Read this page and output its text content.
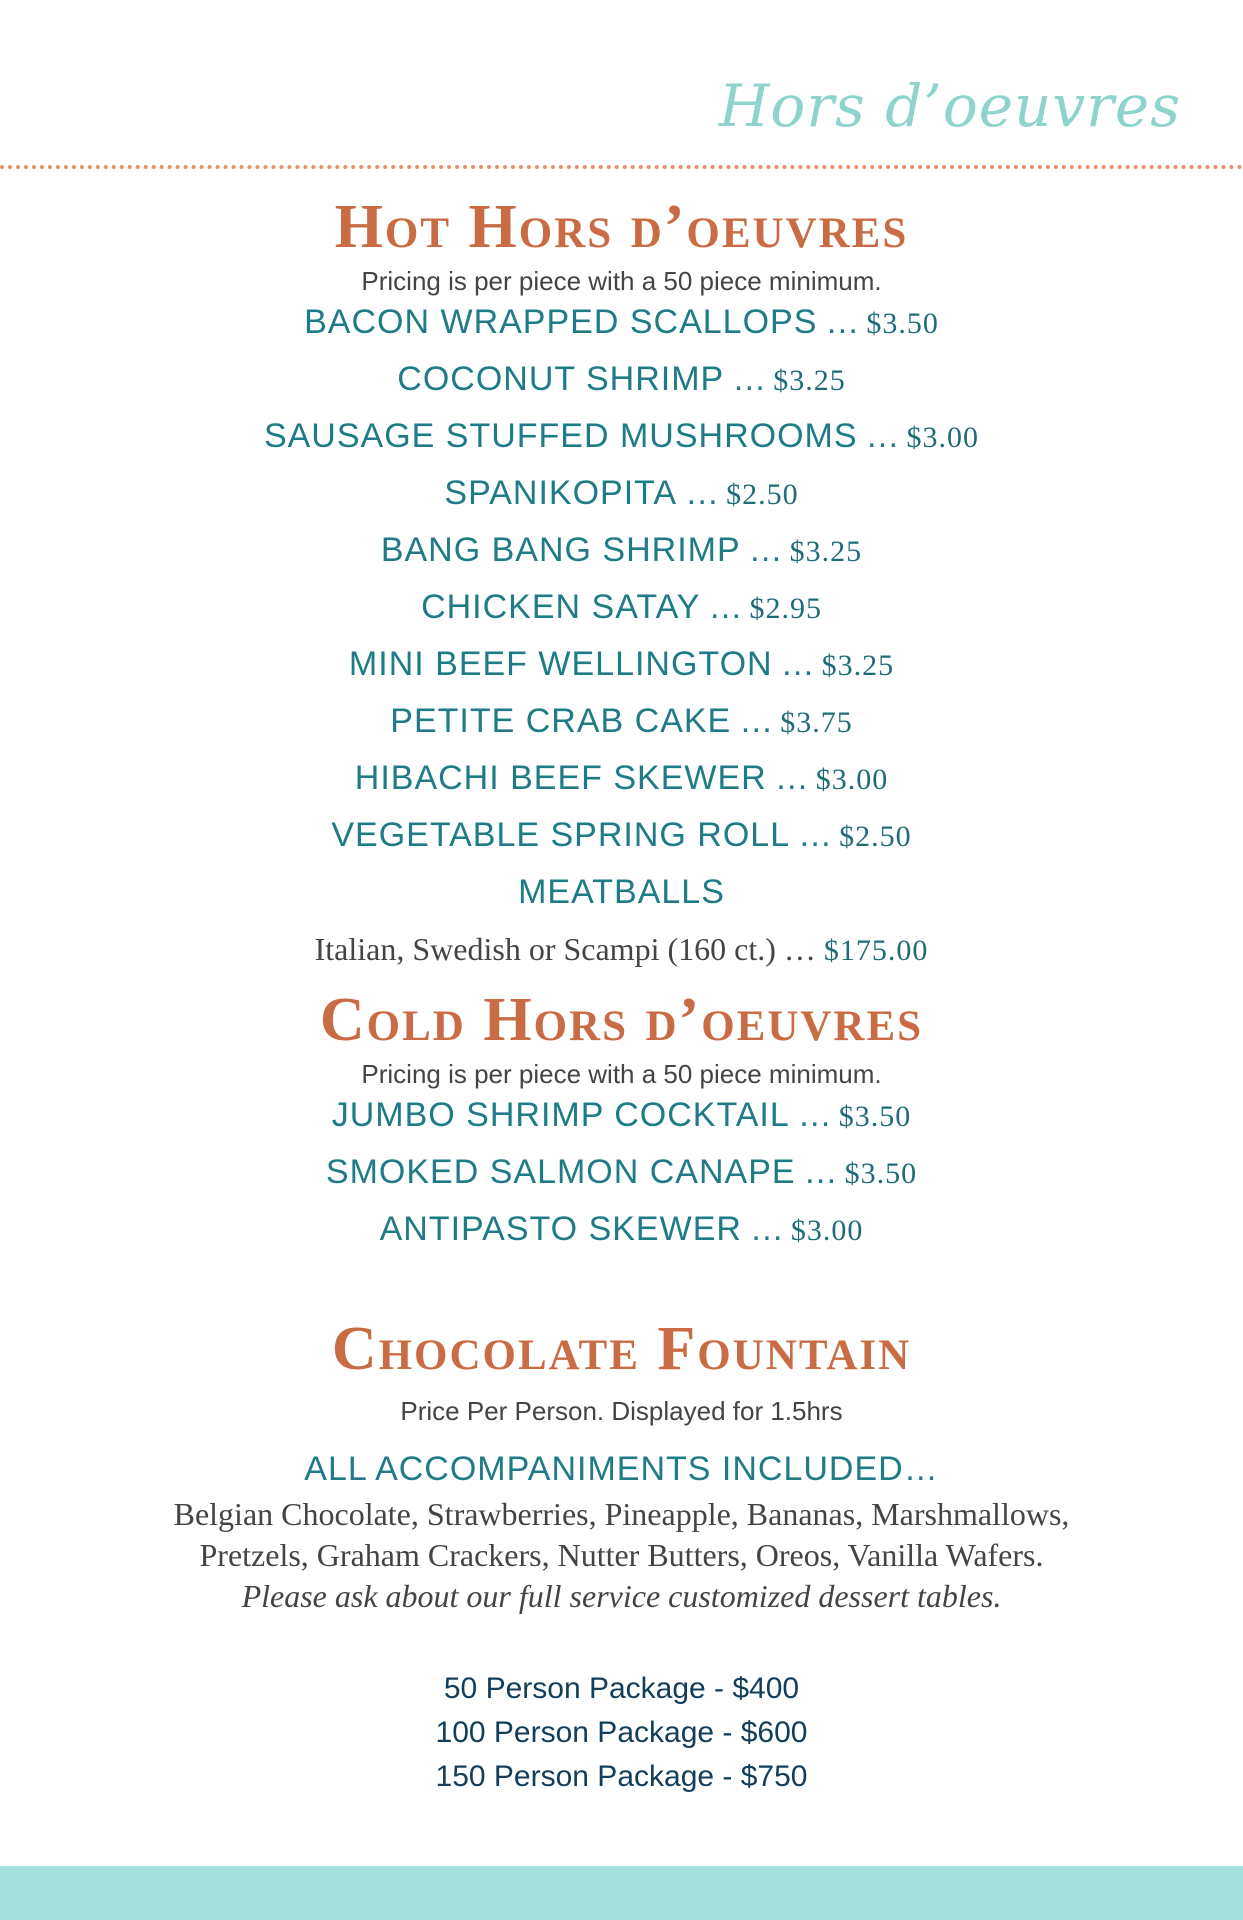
Hors d’oeuvres
Hot Hors d’oeuvres
Pricing is per piece with a 50 piece minimum.
BACON WRAPPED SCALLOPS … $3.50
COCONUT SHRIMP … $3.25
SAUSAGE STUFFED MUSHROOMS … $3.00
SPANIKOPITA … $2.50
BANG BANG SHRIMP … $3.25
CHICKEN SATAY … $2.95
MINI BEEF WELLINGTON … $3.25
PETITE CRAB CAKE … $3.75
HIBACHI BEEF SKEWER … $3.00
VEGETABLE SPRING ROLL … $2.50
MEATBALLS
Italian, Swedish or Scampi (160 ct.) … $175.00
Cold Hors d’oeuvres
Pricing is per piece with a 50 piece minimum.
JUMBO SHRIMP COCKTAIL … $3.50
SMOKED SALMON CANAPE … $3.50
ANTIPASTO SKEWER … $3.00
Chocolate Fountain
Price Per Person. Displayed for 1.5hrs
ALL ACCOMPANIMENTS INCLUDED…
Belgian Chocolate, Strawberries, Pineapple, Bananas, Marshmallows,
Pretzels, Graham Crackers, Nutter Butters, Oreos, Vanilla Wafers.
Please ask about our full service customized dessert tables.
50 Person Package - $400
100 Person Package - $600
150 Person Package - $750
